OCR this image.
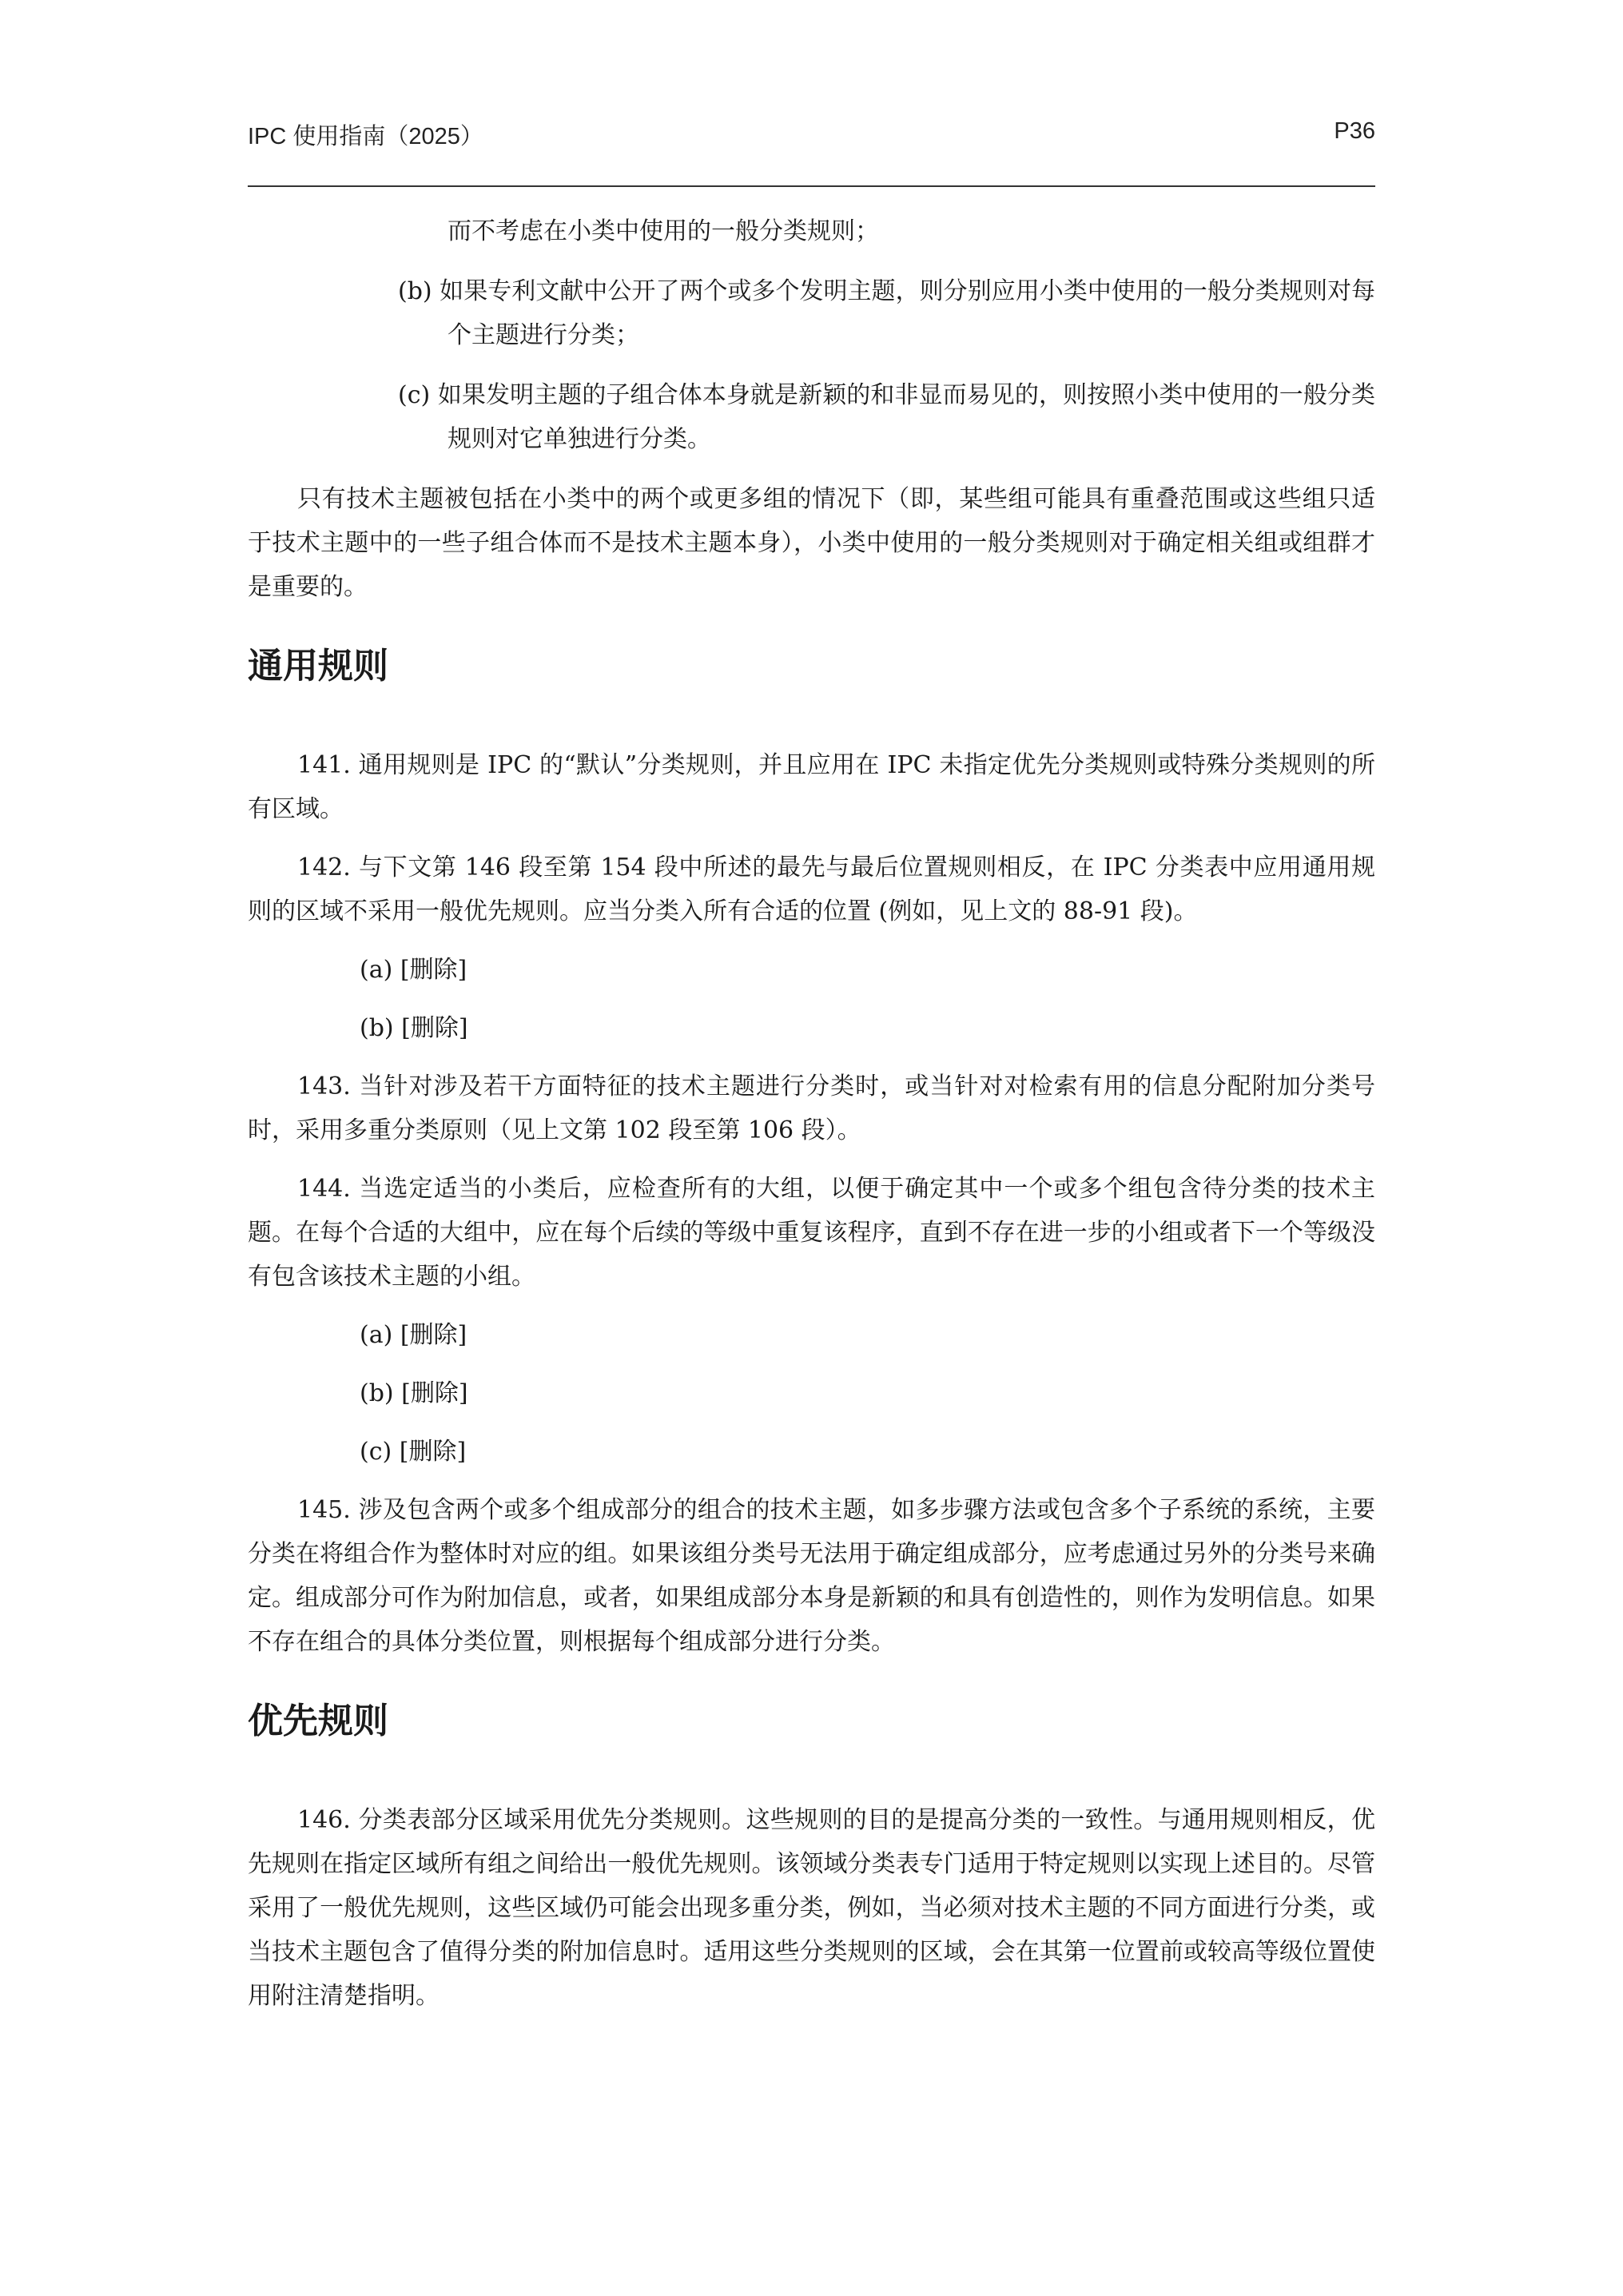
IPC 使用指南（2025）	P36

而不考虑在小类中使用的一般分类规则；

(b) 如果专利文献中公开了两个或多个发明主题，则分别应用小类中使用的一般分类规则对每个主题进行分类；

(c) 如果发明主题的子组合体本身就是新颖的和非显而易见的，则按照小类中使用的一般分类规则对它单独进行分类。

只有技术主题被包括在小类中的两个或更多组的情况下（即，某些组可能具有重叠范围或这些组只适于技术主题中的一些子组合体而不是技术主题本身），小类中使用的一般分类规则对于确定相关组或组群才是重要的。

通用规则

141. 通用规则是 IPC 的“默认”分类规则，并且应用在 IPC 未指定优先分类规则或特殊分类规则的所有区域。

142. 与下文第 146 段至第 154 段中所述的最先与最后位置规则相反，在 IPC 分类表中应用通用规则的区域不采用一般优先规则。应当分类入所有合适的位置 (例如，见上文的 88-91 段)。

(a) [删除]

(b) [删除]

143. 当针对涉及若干方面特征的技术主题进行分类时，或当针对对检索有用的信息分配附加分类号时，采用多重分类原则（见上文第 102 段至第 106 段）。

144. 当选定适当的小类后，应检查所有的大组，以便于确定其中一个或多个组包含待分类的技术主题。在每个合适的大组中，应在每个后续的等级中重复该程序，直到不存在进一步的小组或者下一个等级没有包含该技术主题的小组。

(a) [删除]

(b) [删除]

(c) [删除]

145. 涉及包含两个或多个组成部分的组合的技术主题，如多步骤方法或包含多个子系统的系统，主要分类在将组合作为整体时对应的组。如果该组分类号无法用于确定组成部分，应考虑通过另外的分类号来确定。组成部分可作为附加信息，或者，如果组成部分本身是新颖的和具有创造性的，则作为发明信息。如果不存在组合的具体分类位置，则根据每个组成部分进行分类。

优先规则

146. 分类表部分区域采用优先分类规则。这些规则的目的是提高分类的一致性。与通用规则相反，优先规则在指定区域所有组之间给出一般优先规则。该领域分类表专门适用于特定规则以实现上述目的。尽管采用了一般优先规则，这些区域仍可能会出现多重分类，例如，当必须对技术主题的不同方面进行分类，或当技术主题包含了值得分类的附加信息时。适用这些分类规则的区域，会在其第一位置前或较高等级位置使用附注清楚指明。
